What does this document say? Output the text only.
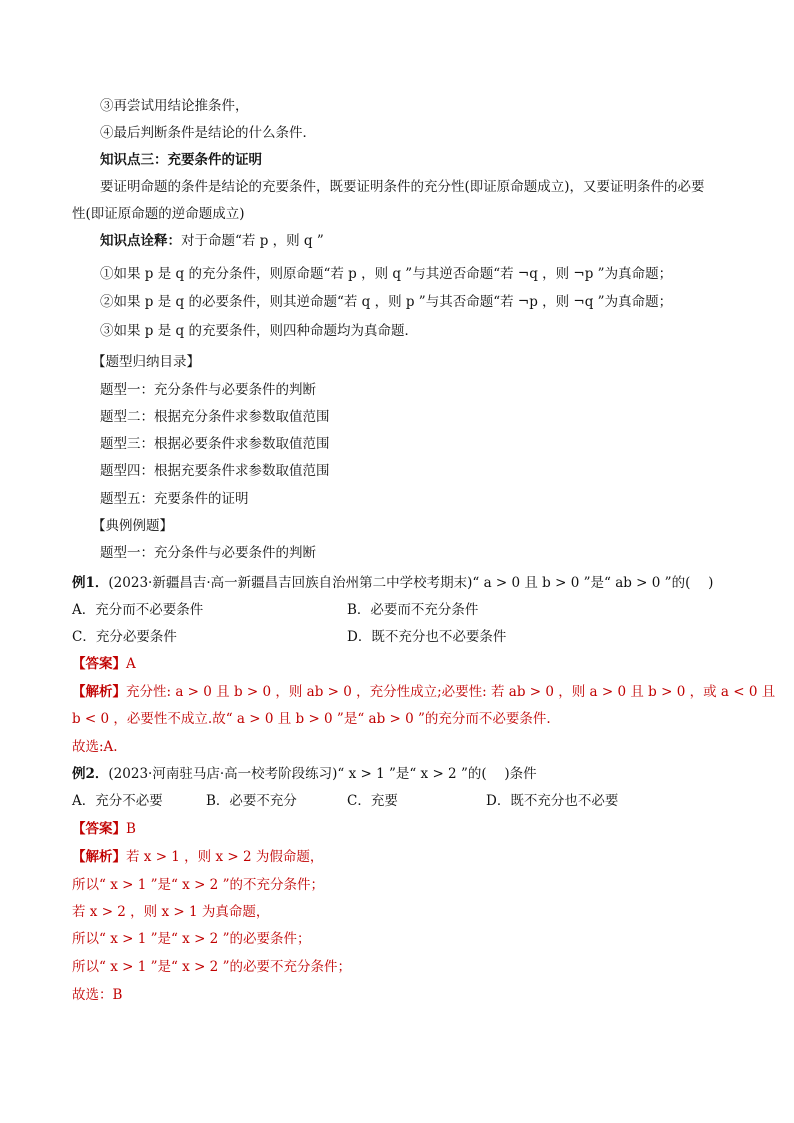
③再尝试用结论推条件，
④最后判断条件是结论的什么条件．
知识点三：充要条件的证明
要证明命题的条件是结论的充要条件，既要证明条件的充分性(即证原命题成立)，又要证明条件的必要
性(即证原命题的逆命题成立)
知识点诠释：对于命题“若 p ，则 q ”
①如果 p 是 q 的充分条件，则原命题“若 p ，则 q ”与其逆否命题“若 ¬q ，则 ¬p ”为真命题；
②如果 p 是 q 的必要条件，则其逆命题“若 q ，则 p ”与其否命题“若 ¬p ，则 ¬q ”为真命题；
③如果 p 是 q 的充要条件，则四种命题均为真命题．
【题型归纳目录】
题型一：充分条件与必要条件的判断
题型二：根据充分条件求参数取值范围
题型三：根据必要条件求参数取值范围
题型四：根据充要条件求参数取值范围
题型五：充要条件的证明
【典例例题】
题型一：充分条件与必要条件的判断
例1．(2023·新疆昌吉·高一新疆昌吉回族自治州第二中学校考期末)“ a > 0 且 b > 0 ”是“ ab > 0 ”的(　 )
A．充分而不必要条件	B．必要而不充分条件
C．充分必要条件	D．既不充分也不必要条件
【答案】A
【解析】充分性: a > 0 且 b > 0 ，则 ab > 0 ，充分性成立;必要性: 若 ab > 0 ，则 a > 0 且 b > 0 ，或 a < 0 且
b < 0 ，必要性不成立.故“ a > 0 且 b > 0 ”是“ ab > 0 ”的充分而不必要条件.
故选:A.
例2．(2023·河南驻马店·高一校考阶段练习)“ x > 1 ”是“ x > 2 ”的(　 )条件
A．充分不必要	B．必要不充分	C．充要	D．既不充分也不必要
【答案】B
【解析】若 x > 1 ，则 x > 2 为假命题，
所以“ x > 1 ”是“ x > 2 ”的不充分条件；
若 x > 2 ，则 x > 1 为真命题，
所以“ x > 1 ”是“ x > 2 ”的必要条件；
所以“ x > 1 ”是“ x > 2 ”的必要不充分条件；
故选：B
